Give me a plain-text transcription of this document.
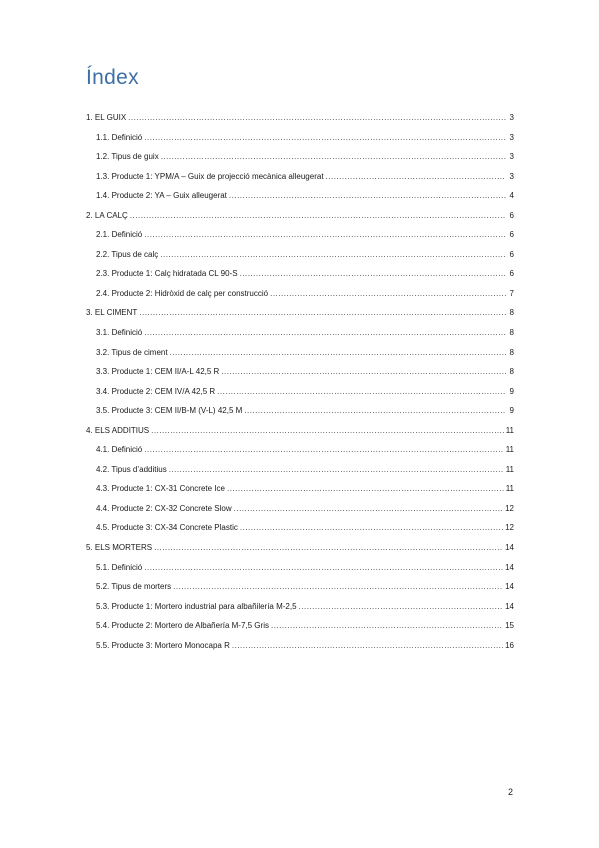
Índex
1. EL GUIX .....	3
1.1. Definició .....	3
1.2. Tipus de guix .....	3
1.3. Producte 1: YPM/A – Guix de projecció mecànica alleugerat .....	3
1.4. Producte 2: YA – Guix alleugerat .....	4
2. LA CALÇ .....	6
2.1. Definició .....	6
2.2. Tipus de calç .....	6
2.3. Producte 1: Calç hidratada CL 90-S .....	6
2.4. Producte 2: Hidròxid de calç per construcció .....	7
3. EL CIMENT .....	8
3.1. Definició .....	8
3.2. Tipus de ciment .....	8
3.3. Producte 1: CEM II/A-L 42,5 R .....	8
3.4. Producte 2: CEM IV/A 42,5 R .....	9
3.5. Producte 3: CEM II/B-M (V-L) 42,5 M .....	9
4. ELS ADDITIUS .....	11
4.1. Definició .....	11
4.2. Tipus d’additius .....	11
4.3. Producte 1: CX-31 Concrete Ice .....	11
4.4. Producte 2: CX-32 Concrete Slow .....	12
4.5. Producte 3: CX-34 Concrete Plastic .....	12
5. ELS MORTERS .....	14
5.1. Definició .....	14
5.2. Tipus de morters .....	14
5.3. Producte 1: Mortero industrial para albañilería M-2,5 .....	14
5.4. Producte 2: Mortero de Albañería M-7,5 Gris .....	15
5.5. Producte 3: Mortero Monocapa R .....	16
2
